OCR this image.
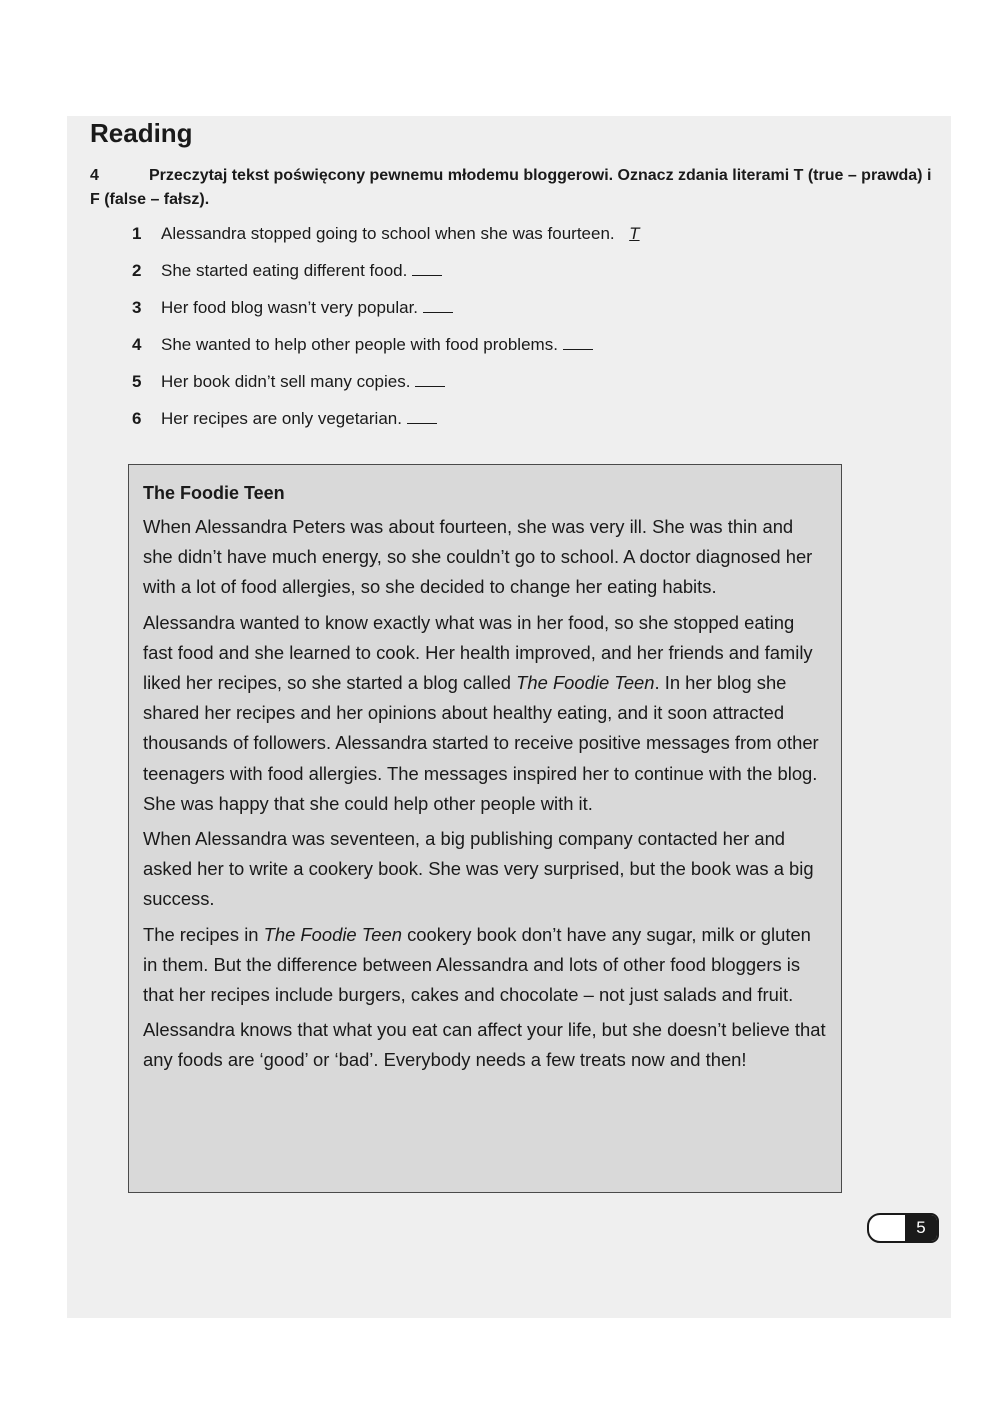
Reading

4	Przeczytaj tekst poświęcony pewnemu młodemu bloggerowi. Oznacz zdania literami T (true – prawda) i F (false – fałsz).

1 Alessandra stopped going to school when she was fourteen. T
2 She started eating different food.
3 Her food blog wasn’t very popular.
4 She wanted to help other people with food problems.
5 Her book didn’t sell many copies.
6 Her recipes are only vegetarian.
The Foodie Teen

When Alessandra Peters was about fourteen, she was very ill. She was thin and she didn’t have much energy, so she couldn’t go to school. A doctor diagnosed her with a lot of food allergies, so she decided to change her eating habits.

Alessandra wanted to know exactly what was in her food, so she stopped eating fast food and she learned to cook. Her health improved, and her friends and family liked her recipes, so she started a blog called The Foodie Teen. In her blog she shared her recipes and her opinions about healthy eating, and it soon attracted thousands of followers. Alessandra started to receive positive messages from other teenagers with food allergies. The messages inspired her to continue with the blog. She was happy that she could help other people with it.

When Alessandra was seventeen, a big publishing company contacted her and asked her to write a cookery book. She was very surprised, but the book was a big success.

The recipes in The Foodie Teen cookery book don’t have any sugar, milk or gluten in them. But the difference between Alessandra and lots of other food bloggers is that her recipes include burgers, cakes and chocolate – not just salads and fruit.

Alessandra knows that what you eat can affect your life, but she doesn’t believe that any foods are ‘good’ or ‘bad’. Everybody needs a few treats now and then!

5
